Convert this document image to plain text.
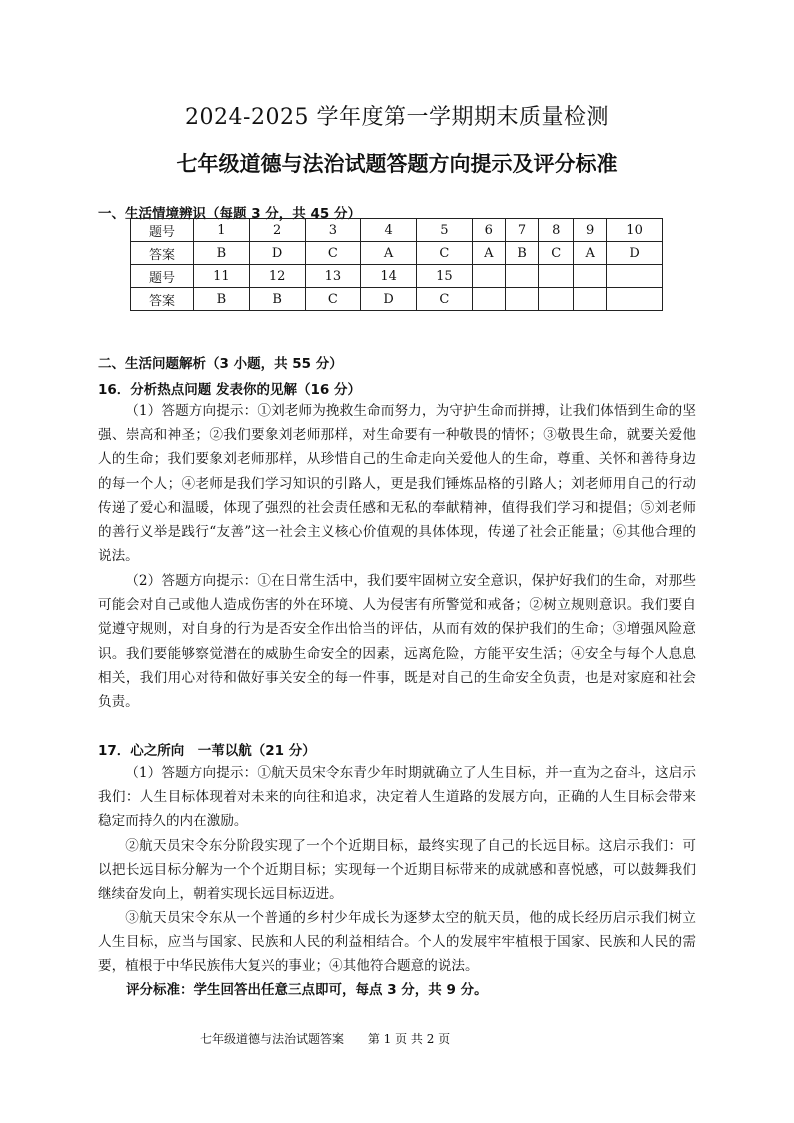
2024-2025 学年度第一学期期末质量检测
七年级道德与法治试题答题方向提示及评分标准
一、生活情境辨识（每题 3 分，共 45 分）
题号	1	2	3	4	5	6	7	8	9	10
答案	B	D	C	A	C	A	B	C	A	D
题号	11	12	13	14	15					
答案	B	B	C	D	C					
二、生活问题解析（3 小题，共 55 分）
16．分析热点问题 发表你的见解（16 分）

（1）答题方向提示：①刘老师为挽救生命而努力，为守护生命而拼搏，让我们体悟到生命的坚强、崇高和神圣；②我们要象刘老师那样，对生命要有一种敬畏的情怀；③敬畏生命，就要关爱他人的生命；我们要象刘老师那样，从珍惜自己的生命走向关爱他人的生命，尊重、关怀和善待身边的每一个人；④老师是我们学习知识的引路人，更是我们锤炼品格的引路人；刘老师用自己的行动传递了爱心和温暖，体现了强烈的社会责任感和无私的奉献精神，值得我们学习和提倡；⑤刘老师的善行义举是践行“友善”这一社会主义核心价值观的具体体现，传递了社会正能量；⑥其他合理的说法。

（2）答题方向提示：①在日常生活中，我们要牢固树立安全意识，保护好我们的生命，对那些可能会对自己或他人造成伤害的外在环境、人为侵害有所警觉和戒备；②树立规则意识。我们要自觉遵守规则，对自身的行为是否安全作出恰当的评估，从而有效的保护我们的生命；③增强风险意识。我们要能够察觉潜在的威胁生命安全的因素，远离危险，方能平安生活；④安全与每个人息息相关，我们用心对待和做好事关安全的每一件事，既是对自己的生命安全负责，也是对家庭和社会负责。

17．心之所向　一苇以航（21 分）

（1）答题方向提示：①航天员宋令东青少年时期就确立了人生目标，并一直为之奋斗，这启示我们：人生目标体现着对未来的向往和追求，决定着人生道路的发展方向，正确的人生目标会带来稳定而持久的内在激励。

②航天员宋令东分阶段实现了一个个近期目标，最终实现了自己的长远目标。这启示我们：可以把长远目标分解为一个个近期目标；实现每一个近期目标带来的成就感和喜悦感，可以鼓舞我们继续奋发向上，朝着实现长远目标迈进。

③航天员宋令东从一个普通的乡村少年成长为逐梦太空的航天员，他的成长经历启示我们树立人生目标，应当与国家、民族和人民的利益相结合。个人的发展牢牢植根于国家、民族和人民的需要，植根于中华民族伟大复兴的事业；④其他符合题意的说法。

评分标准：学生回答出任意三点即可，每点 3 分，共 9 分。
七年级道德与法治试题答案 第 1 页 共 2 页
